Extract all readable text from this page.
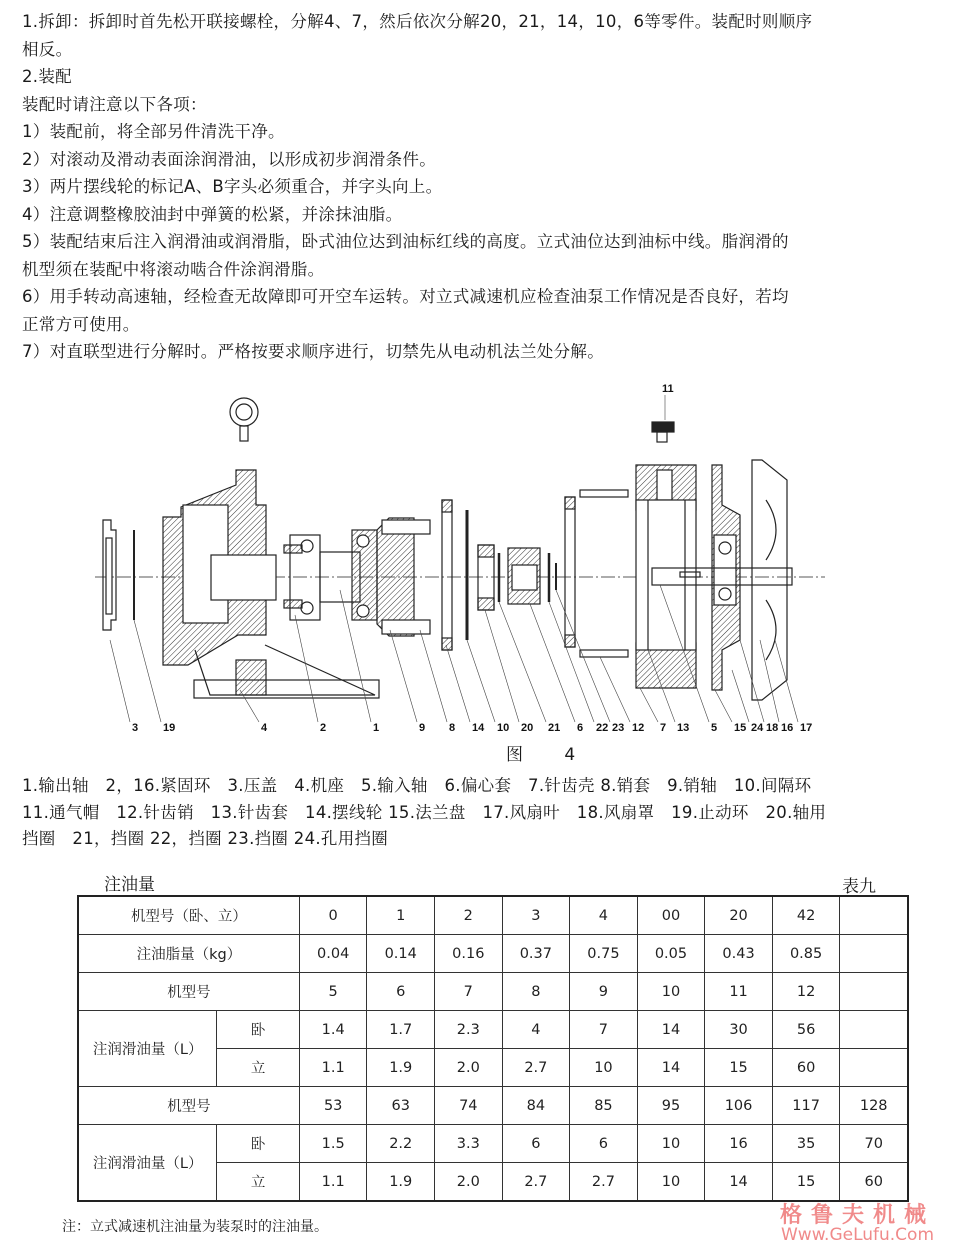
1.拆卸：拆卸时首先松开联接螺栓，分解4、7，然后依次分解20，21，14，10，6等零件。装配时则顺序
相反。
2.装配
装配时请注意以下各项：
1）装配前，将全部另件清洗干净。
2）对滚动及滑动表面涂润滑油，以形成初步润滑条件。
3）两片摆线轮的标记A、B字头必须重合，并字头向上。
4）注意调整橡胶油封中弹簧的松紧，并涂抹油脂。
5）装配结束后注入润滑油或润滑脂，卧式油位达到油标红线的高度。立式油位达到油标中线。脂润滑的
机型须在装配中将滚动啮合件涂润滑脂。
6）用手转动高速轴，经检查无故障即可开空车运转。对立式减速机应检查油泵工作情况是否良好，若均
正常方可使用。
7）对直联型进行分解时。严格按要求顺序进行，切禁先从电动机法兰处分解。
11
3 19	4	2	1	9 8 14 10 20 21 6 22 23 12 7 13 5 15 24 18 16 17
图 4
1.输出轴　2，16.紧固环　3.压盖　4.机座　5.输入轴　6.偏心套　7.针齿壳 8.销套　9.销轴　10.间隔环
11.通气帽　12.针齿销　13.针齿套　14.摆线轮 15.法兰盘　17.风扇叶　18.风扇罩　19.止动环　20.轴用
挡圈　21，挡圈 22，挡圈 23.挡圈 24.孔用挡圈
注油量	表九
机型号（卧、立）		0	1	2	3	4	00	20	42	
注油脂量（kg）		0.04	0.14	0.16	0.37	0.75	0.05	0.43	0.85	
机型号		5	6	7	8	9	10	11	12	
注润滑油量（L）	卧	1.4	1.7	2.3	4	7	14	30	56	
	立	1.1	1.9	2.0	2.7	10	14	15	60	
机型号		53	63	74	84	85	95	106	117	128
注润滑油量（L）	卧	1.5	2.2	3.3	6	6	10	16	35	70
	立	1.1	1.9	2.0	2.7	2.7	10	14	15	60
注：立式减速机注油量为装泵时的注油量。	格鲁夫机械
Www.GeLufu.Com
